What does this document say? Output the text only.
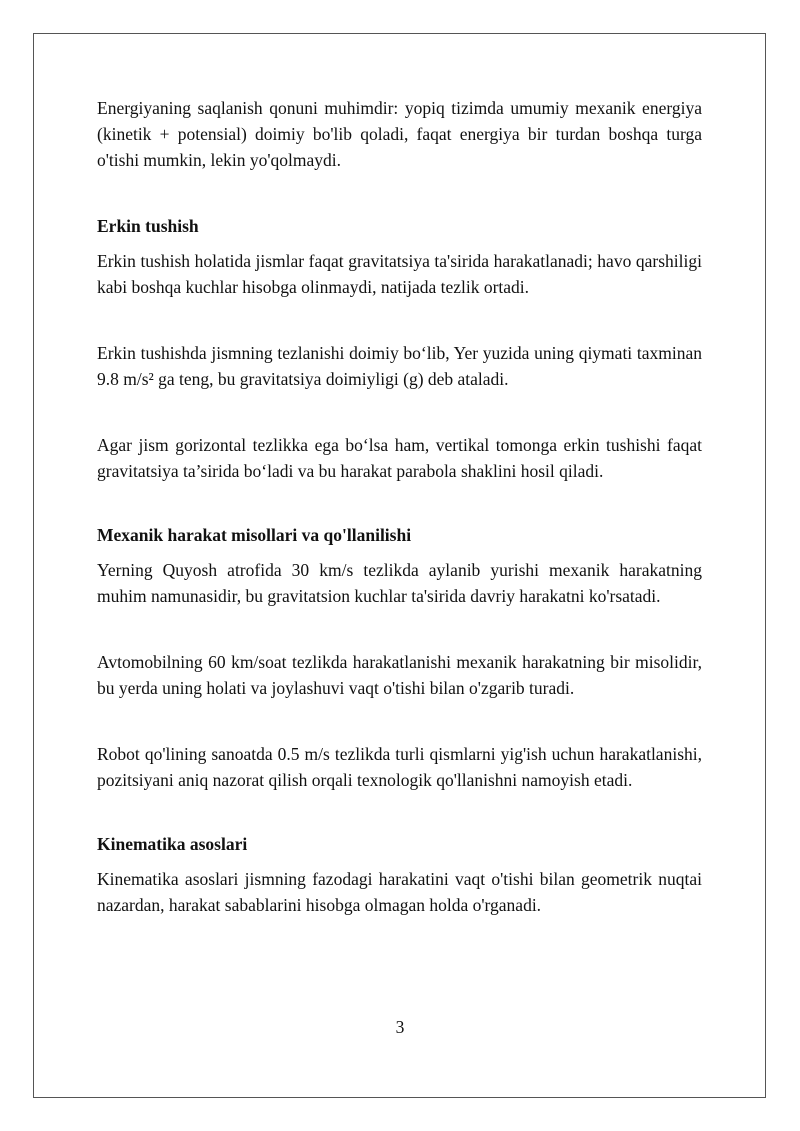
Energiyaning saqlanish qonuni muhimdir: yopiq tizimda umumiy mexanik energiya (kinetik + potensial) doimiy bo'lib qoladi, faqat energiya bir turdan boshqa turga o'tishi mumkin, lekin yo'qolmaydi.

Erkin tushish

Erkin tushish holatida jismlar faqat gravitatsiya ta'sirida harakatlanadi; havo qarshiligi kabi boshqa kuchlar hisobga olinmaydi, natijada tezlik ortadi.

Erkin tushishda jismning tezlanishi doimiy bo‘lib, Yer yuzida uning qiymati taxminan 9.8 m/s² ga teng, bu gravitatsiya doimiyligi (g) deb ataladi.

Agar jism gorizontal tezlikka ega bo‘lsa ham, vertikal tomonga erkin tushishi faqat gravitatsiya ta’sirida bo‘ladi va bu harakat parabola shaklini hosil qiladi.

Mexanik harakat misollari va qo'llanilishi

Yerning Quyosh atrofida 30 km/s tezlikda aylanib yurishi mexanik harakatning muhim namunasidir, bu gravitatsion kuchlar ta'sirida davriy harakatni ko'rsatadi.

Avtomobilning 60 km/soat tezlikda harakatlanishi mexanik harakatning bir misolidir, bu yerda uning holati va joylashuvi vaqt o'tishi bilan o'zgarib turadi.

Robot qo'lining sanoatda 0.5 m/s tezlikda turli qismlarni yig'ish uchun harakatlanishi, pozitsiyani aniq nazorat qilish orqali texnologik qo'llanishni namoyish etadi.

Kinematika asoslari

Kinematika asoslari jismning fazodagi harakatini vaqt o'tishi bilan geometrik nuqtai nazardan, harakat sabablarini hisobga olmagan holda o'rganadi.

3
